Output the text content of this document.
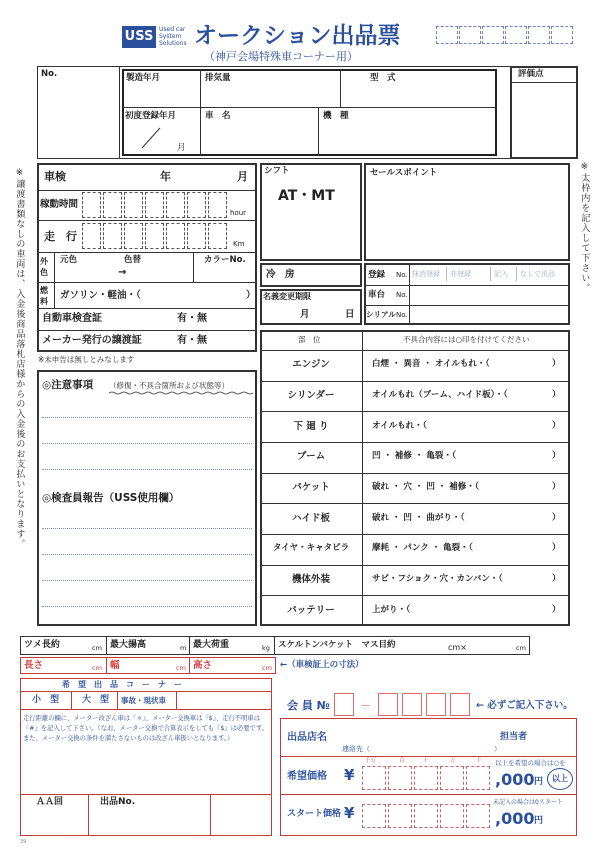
USS Used car
System
Solutions オークション出品票
（神戸会場特殊車コーナー用）
No.	製造年月	排気量	型　式
初度登録年月	車　名	機　種
月
評価点
※譲渡書類なしの車両は、入金後商品落札店様からの入金後のお支払いとなります。	※太枠内を記入して下さい。
車検	年	月
稼動時間
hour
走　行
Km
外色
元色	色替
→
カラーNo.
燃料
ガソリン・軽油・（	）
自動車検査証	有・無
メーカー発行の譲渡証	有・無
※未申告は無しとみなします
◎注意事項 （修復・不具合箇所および状態等）
◎検査員報告（USS使用欄）
シフト
AT・MT
セールスポイント
冷　房
名義変更期限
月	日
登録 No. 抹消登録 非登録	記入 なしで出品
車台 No.
シリアル No.
部　位	不具合内容には○印を付けてください
エンジン	白煙 ・ 異音 ・ オイルもれ・（	）
シリンダー	オイルもれ（ブーム、ハイド板）・（	）
下 廻 り	オイルもれ・（	）
ブーム	凹 ・ 補修 ・ 亀裂・（	）
バケット	破れ ・ 穴 ・ 凹 ・ 補修・（	）
ハイド板	破れ ・ 凹 ・ 曲がり・（	）
タイヤ・キャタピラ	摩耗 ・ パンク ・ 亀裂・（	）
機体外装	サビ・フショク・穴・カンバン・（	）
バッテリー	上がり・（	）
ツメ長約	cm 最大揚高	m 最大荷重	kg スケルトンバケット　マス目約	cm×	cm
長さ	cm 幅	cm 高さ	cm ←（車検証上の寸法）
希　望　出　品　コ　ー　ナ　ー
小　型	大　型 事故・現状車
走行距離の欄に、メーター改ざん車は『＊』、メーター交換車は『$』、走行不明車は『#』を記入して下さい。（なお、メーター交換で合算表示をしても『$』は必要です。また、メーター交換の条件を満たさないものは改ざん車扱いとなります。）
ＡＡ回	出品No.
会 員 №	－	← 必ずご記入下さい。
出品店名	担当者
連絡先（	）
希望価格 ¥
千万	百	十	万	千 以上を希望の場合は○を
,000 円	以上
スタート価格 ¥
未記入の場合は0スタート
,000 円
39
